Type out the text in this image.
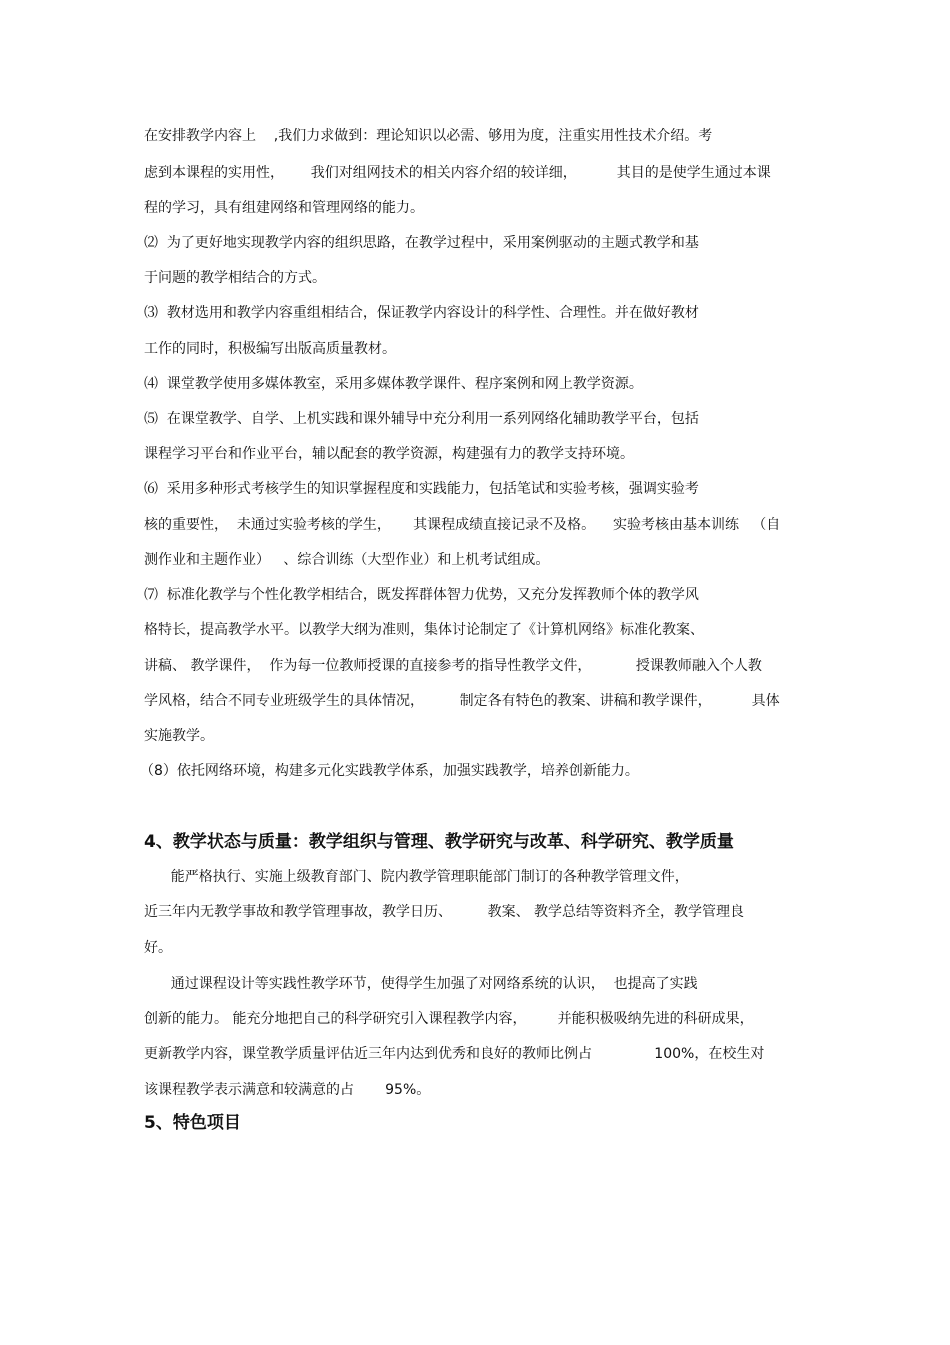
在安排教学内容上    ,我们力求做到：理论知识以必需、够用为度，注重实用性技术介绍。考

虑到本课程的实用性，      我们对组网技术的相关内容介绍的较详细，         其目的是使学生通过本课

程的学习，具有组建网络和管理网络的能力。

⑵  为了更好地实现教学内容的组织思路，在教学过程中，采用案例驱动的主题式教学和基

于问题的教学相结合的方式。

⑶  教材选用和教学内容重组相结合，保证教学内容设计的科学性、合理性。并在做好教材

工作的同时，积极编写出版高质量教材。

⑷  课堂教学使用多媒体教室，采用多媒体教学课件、程序案例和网上教学资源。

⑸  在课堂教学、自学、上机实践和课外辅导中充分利用一系列网络化辅助教学平台，包括

课程学习平台和作业平台，辅以配套的教学资源，构建强有力的教学支持环境。

⑹  采用多种形式考核学生的知识掌握程度和实践能力，包括笔试和实验考核，强调实验考

核的重要性，  未通过实验考核的学生，     其课程成绩直接记录不及格。    实验考核由基本训练   （自

测作业和主题作业）   、综合训练（大型作业）和上机考试组成。

⑺  标准化教学与个性化教学相结合，既发挥群体智力优势，又充分发挥教师个体的教学风

格特长，提高教学水平。以教学大纲为准则，集体讨论制定了《计算机网络》标准化教案、

讲稿、 教学课件，  作为每一位教师授课的直接参考的指导性教学文件，          授课教师融入个人教

学风格，结合不同专业班级学生的具体情况，        制定各有特色的教案、讲稿和教学课件，         具体

实施教学。

（8）依托网络环境，构建多元化实践教学体系，加强实践教学，培养创新能力。

4、教学状态与质量：教学组织与管理、教学研究与改革、科学研究、教学质量

能严格执行、实施上级教育部门、院内教学管理职能部门制订的各种教学管理文件，

近三年内无教学事故和教学管理事故，教学日历、        教案、 教学总结等资料齐全，教学管理良

好。

通过课程设计等实践性教学环节，使得学生加强了对网络系统的认识，  也提高了实践

创新的能力。 能充分地把自己的科学研究引入课程教学内容，       并能积极吸纳先进的科研成果，

更新教学内容，课堂教学质量评估近三年内达到优秀和良好的教师比例占              100%，在校生对

该课程教学表示满意和较满意的占       95%。

5、特色项目
